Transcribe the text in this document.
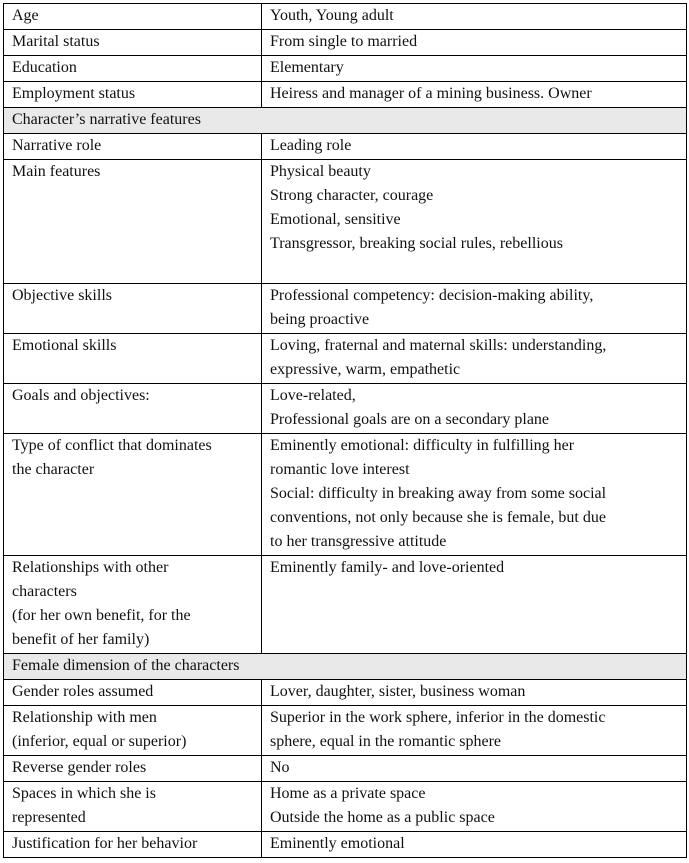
Age	Youth, Young adult
Marital status	From single to married
Education	Elementary
Employment status	Heiress and manager of a mining business. Owner
Character’s narrative features	
Narrative role	Leading role
Main features	Physical beauty
Strong character, courage
Emotional, sensitive
Transgressor, breaking social rules, rebellious

Objective skills	Professional competency: decision-making ability,
being proactive

Emotional skills	Loving, fraternal and maternal skills: understanding,
expressive, warm, empathetic

Goals and objectives:	Love-related,
Professional goals are on a secondary plane

Type of conflict that dominates
the character	Eminently emotional: difficulty in fulfilling her
romantic love interest
Social: difficulty in breaking away from some social
conventions, not only because she is female, but due
to her transgressive attitude

Relationships with other
characters
(for her own benefit, for the
benefit of her family)	Eminently family- and love-oriented
Female dimension of the characters	
Gender roles assumed	Lover, daughter, sister, business woman

Relationship with men
(inferior, equal or superior)	Superior in the work sphere, inferior in the domestic
sphere, equal in the romantic sphere

Reverse gender roles	No

Spaces in which she is
represented	Home as a private space
Outside the home as a public space

Justification for her behavior	Eminently emotional
